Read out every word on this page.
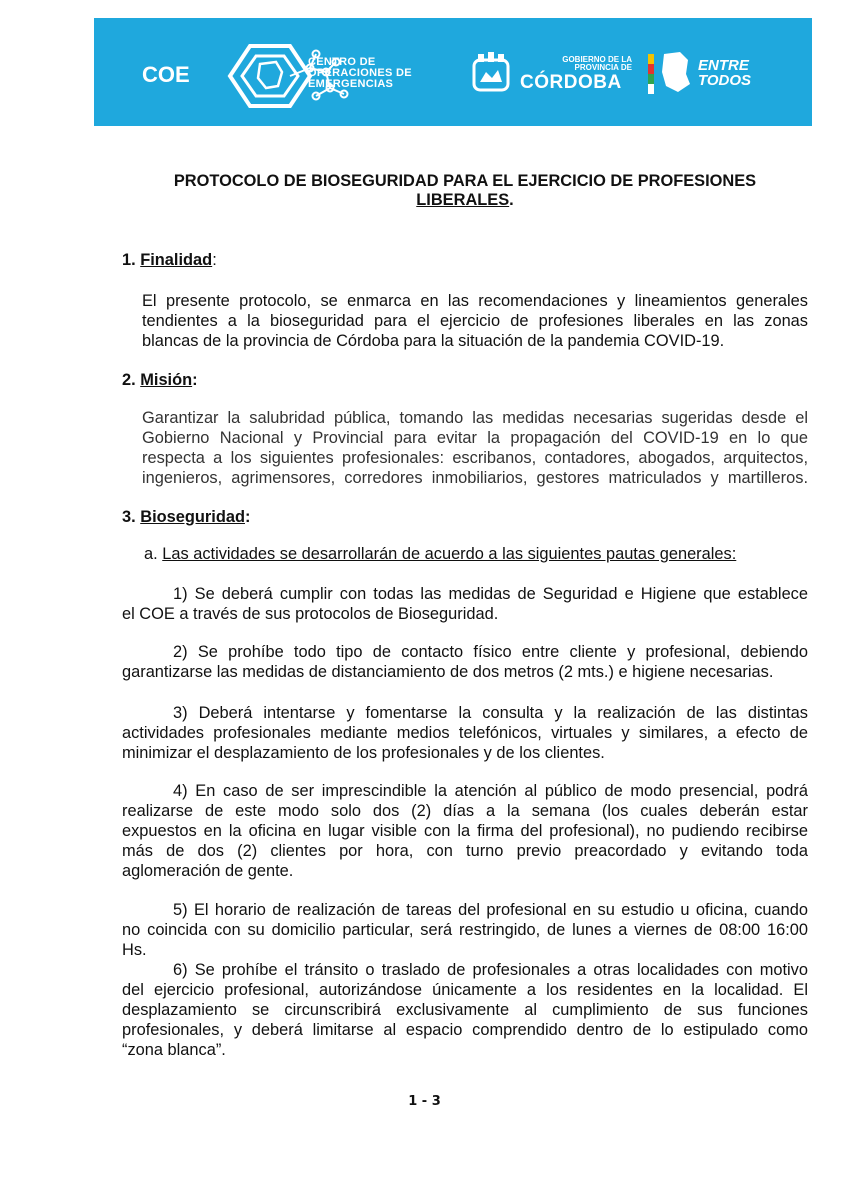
COE	CENTRO DE
OPERACIONES DE
EMERGENCIAS
GOBIERNO DE LA
PROVINCIA DE
CÓRDOBA
ENTRE
TODOS
PROTOCOLO DE BIOSEGURIDAD PARA EL EJERCICIO DE PROFESIONES
LIBERALES.
1. Finalidad:
El presente protocolo, se enmarca en las recomendaciones y lineamientos generales
tendientes a la bioseguridad para el ejercicio de profesiones liberales en las zonas
blancas de la provincia de Córdoba para la situación de la pandemia COVID-19.
2. Misión:
Garantizar la salubridad pública, tomando las medidas necesarias sugeridas desde el
Gobierno Nacional y Provincial para evitar la propagación del COVID-19 en lo que
respecta a los siguientes profesionales: escribanos, contadores, abogados, arquitectos,
ingenieros, agrimensores, corredores inmobiliarios, gestores matriculados y martilleros.
3. Bioseguridad:
a. Las actividades se desarrollarán de acuerdo a las siguientes pautas generales:
1) Se deberá cumplir con todas las medidas de Seguridad e Higiene que establece
el COE a través de sus protocolos de Bioseguridad.
2) Se prohíbe todo tipo de contacto físico entre cliente y profesional, debiendo
garantizarse las medidas de distanciamiento de dos metros (2 mts.) e higiene necesarias.
3) Deberá intentarse y fomentarse la consulta y la realización de las distintas
actividades profesionales mediante medios telefónicos, virtuales y similares, a efecto de
minimizar el desplazamiento de los profesionales y de los clientes.
4) En caso de ser imprescindible la atención al público de modo presencial, podrá
realizarse de este modo solo dos (2) días a la semana (los cuales deberán estar
expuestos en la oficina en lugar visible con la firma del profesional), no pudiendo recibirse
más de dos (2) clientes por hora, con turno previo preacordado y evitando toda
aglomeración de gente.
5) El horario de realización de tareas del profesional en su estudio u oficina, cuando
no coincida con su domicilio particular, será restringido, de lunes a viernes de 08:00 16:00
Hs.
6) Se prohíbe el tránsito o traslado de profesionales a otras localidades con motivo
del ejercicio profesional, autorizándose únicamente a los residentes en la localidad. El
desplazamiento se circunscribirá exclusivamente al cumplimiento de sus funciones
profesionales, y deberá limitarse al espacio comprendido dentro de lo estipulado como
“zona blanca”.
1 - 3
